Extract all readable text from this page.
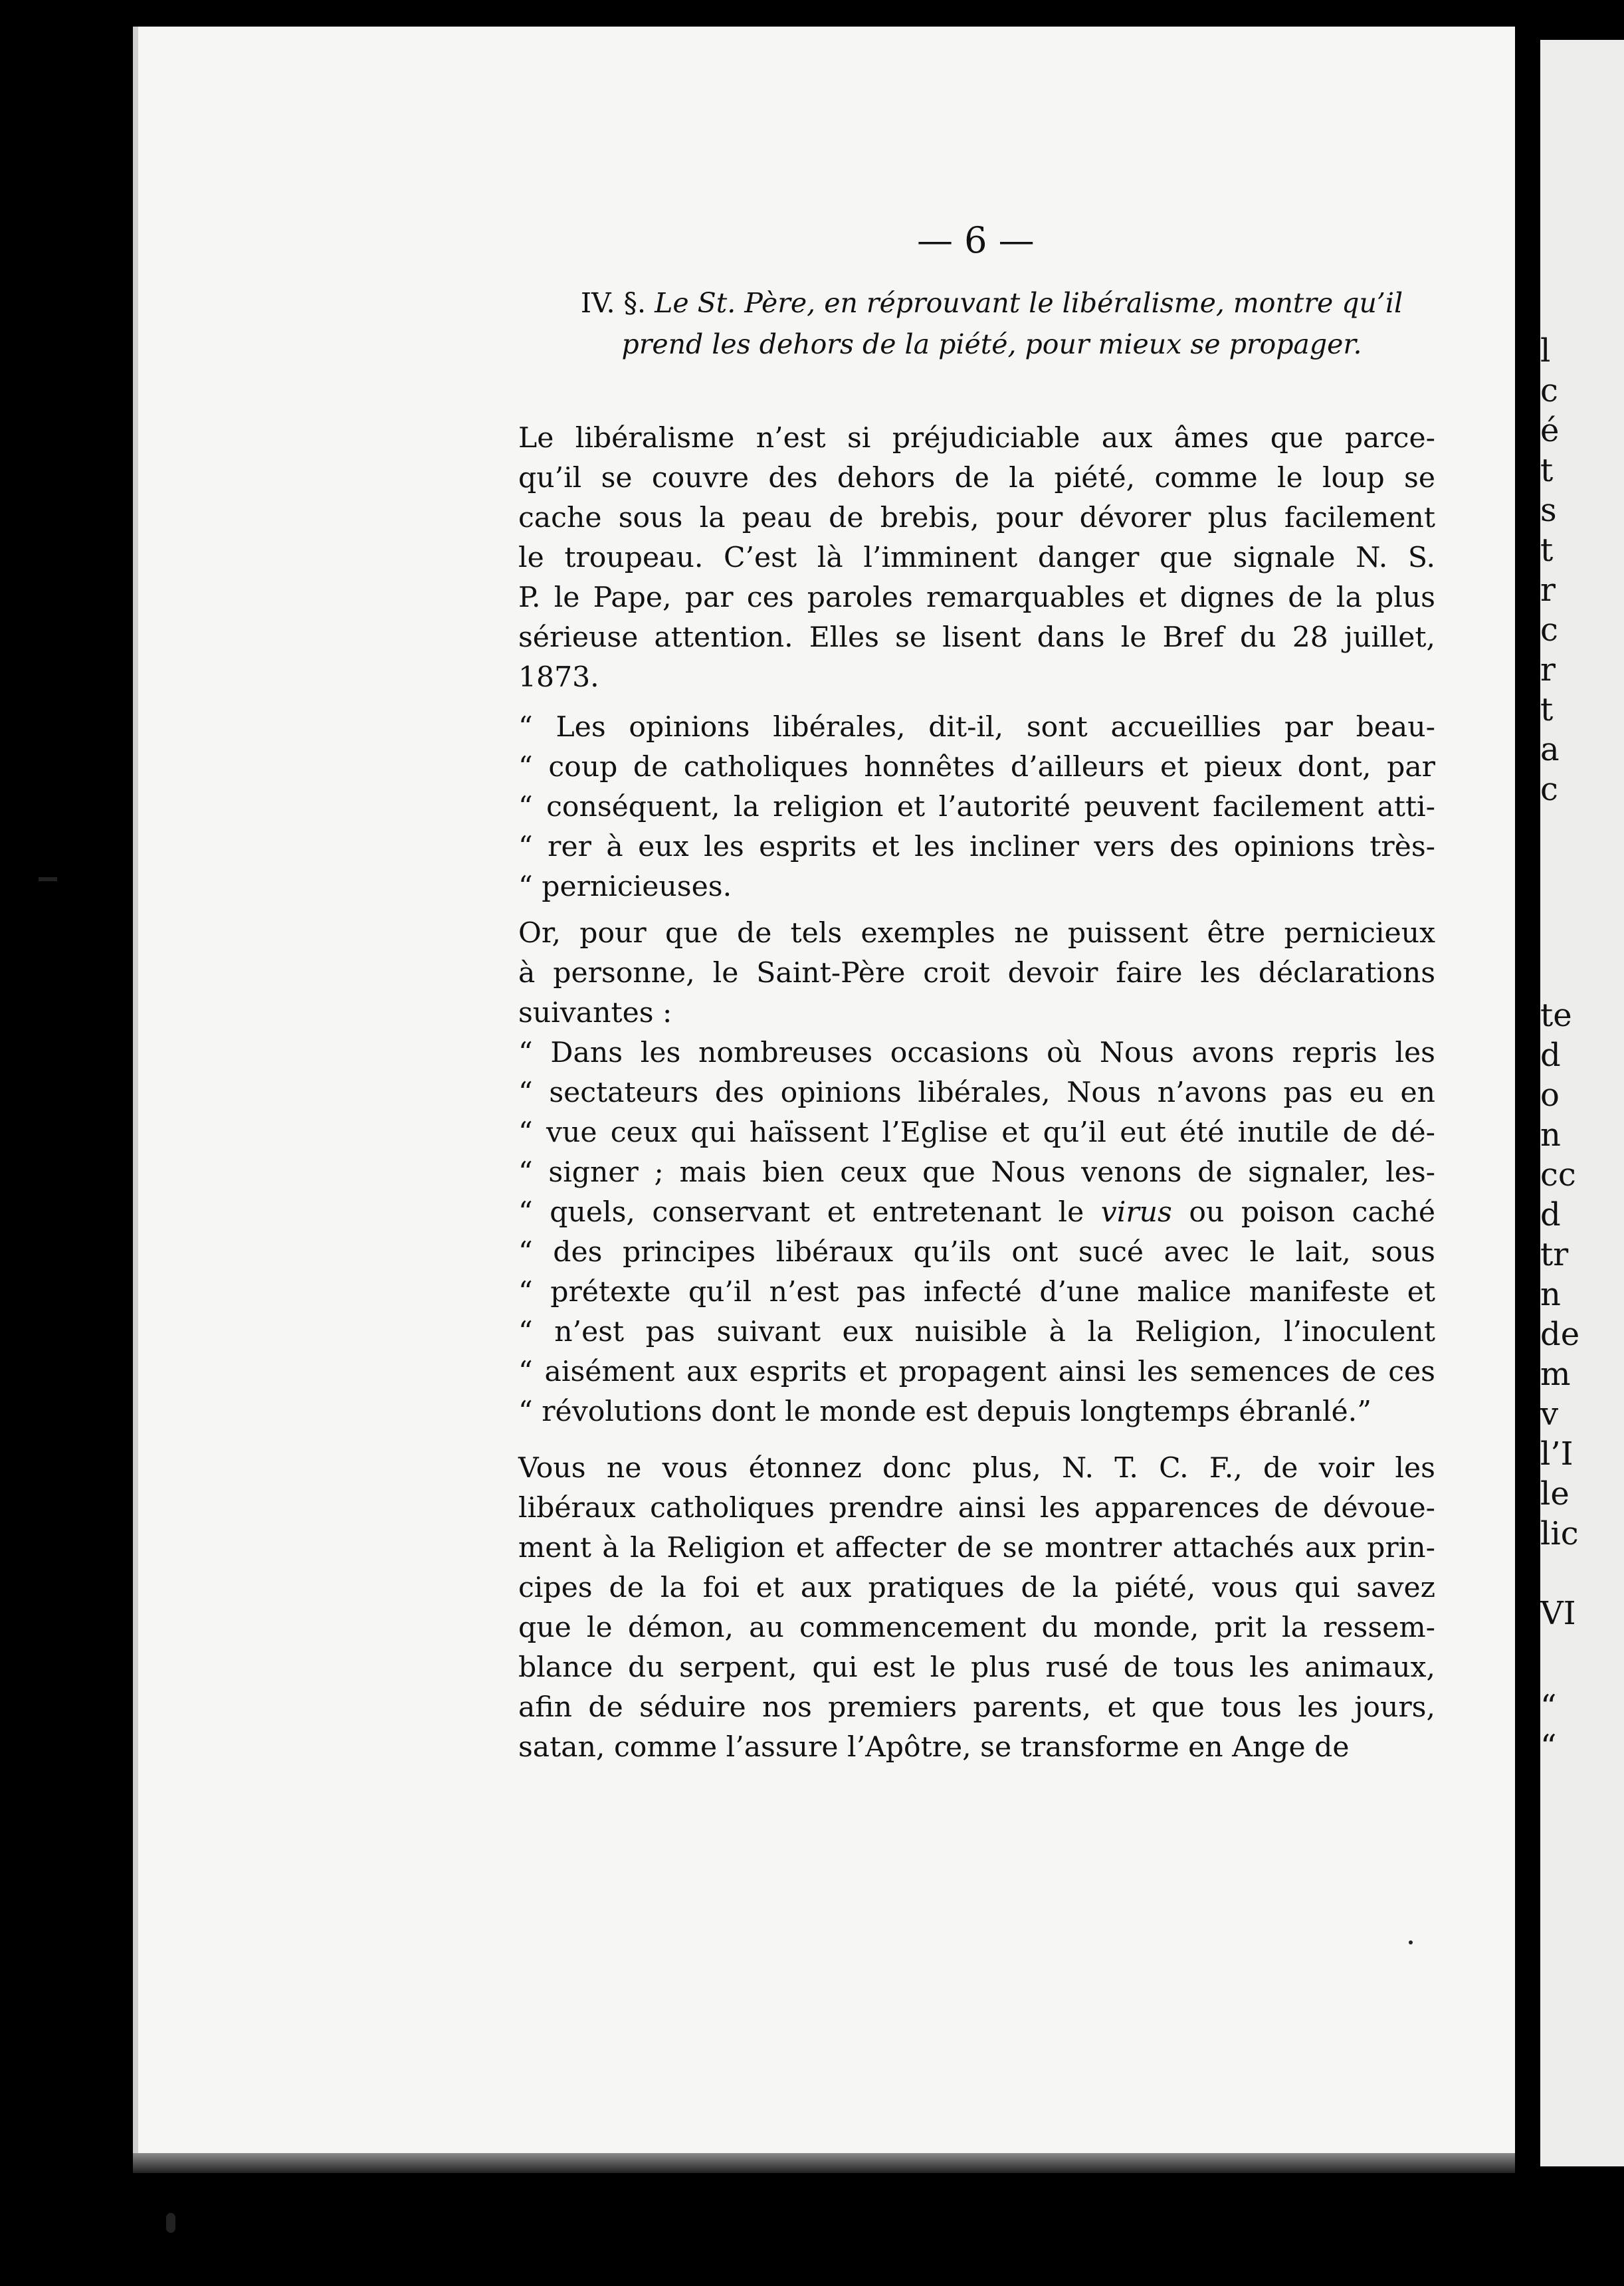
l
c
é
t
s
t
r
c
r
t
a
c
te
d
o
n
cc
d
tr
n
de
m
v
l’I
le
lic
VI
“
“
— 6 —
IV. §. Le St. Père, en réprouvant le libéralisme, montre qu’il
prend les dehors de la piété, pour mieux se propager.
Le libéralisme n’est si préjudiciable aux âmes que parce-
qu’il se couvre des dehors de la piété, comme le loup se
cache sous la peau de brebis, pour dévorer plus facilement
le troupeau. C’est là l’imminent danger que signale N. S.
P. le Pape, par ces paroles remarquables et dignes de la plus
sérieuse attention. Elles se lisent dans le Bref du 28 juillet,
1873.
“ Les opinions libérales, dit-il, sont accueillies par beau-
“ coup de catholiques honnêtes d’ailleurs et pieux dont, par
“ conséquent, la religion et l’autorité peuvent facilement atti-
“ rer à eux les esprits et les incliner vers des opinions très-
“ pernicieuses.
Or, pour que de tels exemples ne puissent être pernicieux
à personne, le Saint-Père croit devoir faire les déclarations
suivantes :
“ Dans les nombreuses occasions où Nous avons repris les
“ sectateurs des opinions libérales, Nous n’avons pas eu en
“ vue ceux qui haïssent l’Eglise et qu’il eut été inutile de dé-
“ signer ; mais bien ceux que Nous venons de signaler, les-
“ quels, conservant et entretenant le virus ou poison caché
“ des principes libéraux qu’ils ont sucé avec le lait, sous
“ prétexte qu’il n’est pas infecté d’une malice manifeste et
“ n’est pas suivant eux nuisible à la Religion, l’inoculent
“ aisément aux esprits et propagent ainsi les semences de ces
“ révolutions dont le monde est depuis longtemps ébranlé.”
Vous ne vous étonnez donc plus, N. T. C. F., de voir les
libéraux catholiques prendre ainsi les apparences de dévoue-
ment à la Religion et affecter de se montrer attachés aux prin-
cipes de la foi et aux pratiques de la piété, vous qui savez
que le démon, au commencement du monde, prit la ressem-
blance du serpent, qui est le plus rusé de tous les animaux,
afin de séduire nos premiers parents, et que tous les jours,
satan, comme l’assure l’Apôtre, se transforme en Ange de
